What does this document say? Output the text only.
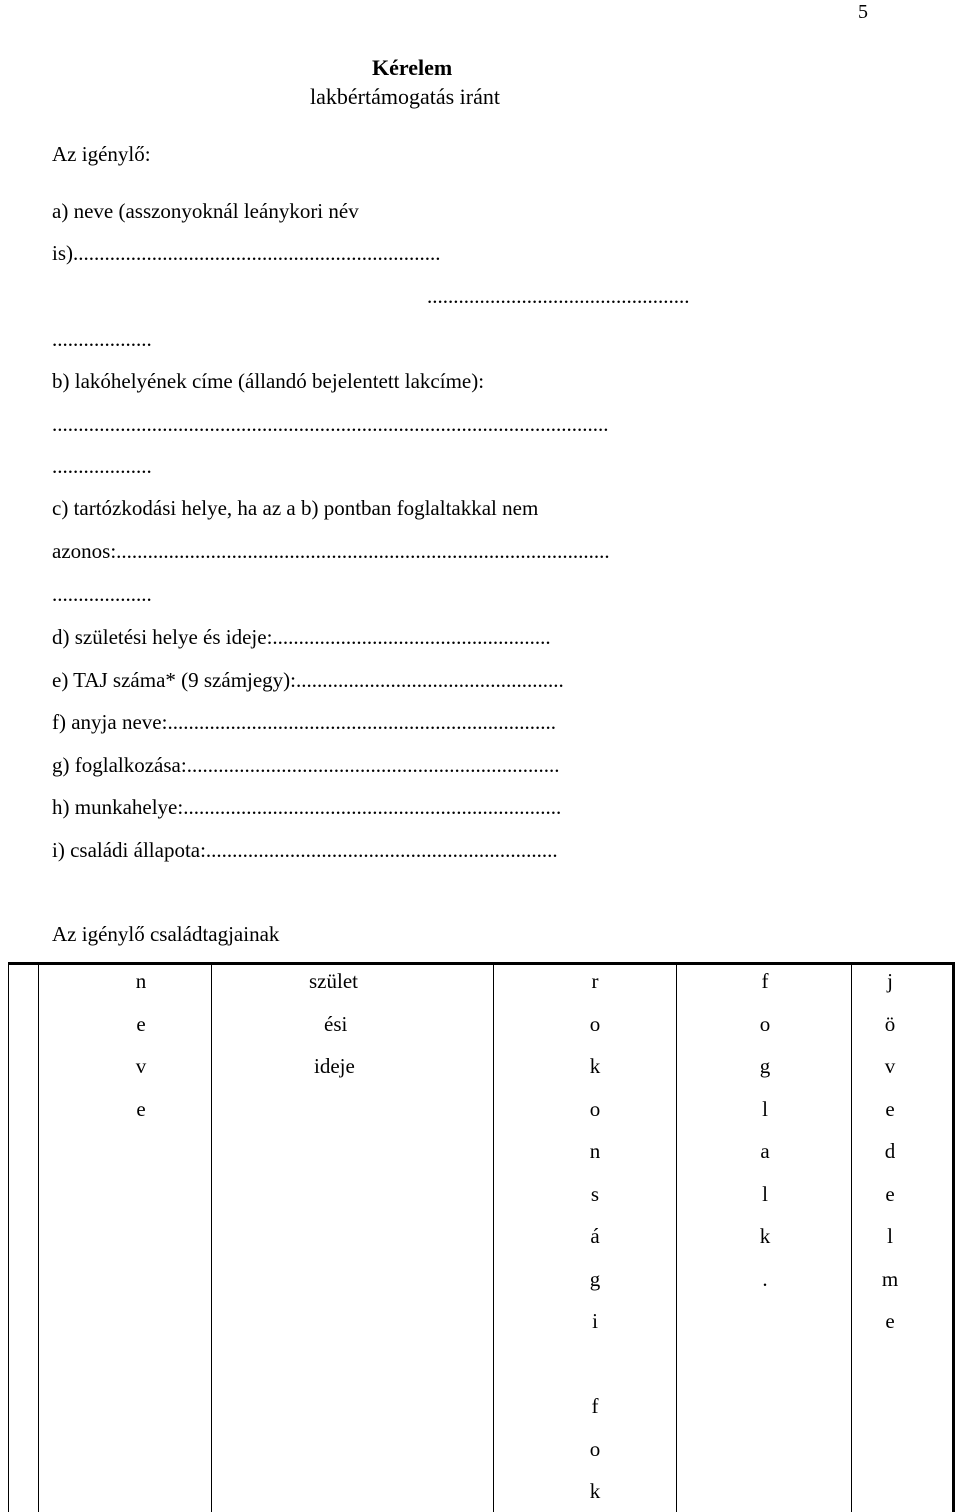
5
Kérelem
lakbértámogatás iránt
Az igénylő:
a) neve (asszonyoknál leánykori név
is)......................................................................
..................................................
...................
b) lakóhelyének címe (állandó bejelentett lakcíme):
..........................................................................................................
...................
c) tartózkodási helye, ha az a b) pontban foglaltakkal nem
azonos:..............................................................................................
...................
d) születési helye és ideje:.....................................................
e) TAJ száma* (9 számjegy):...................................................
f) anyja neve:..........................................................................
g) foglalkozása:.......................................................................
h) munkahelye:........................................................................
i) családi állapota:...................................................................
Az igénylő családtagjainak
n
e
v
e
szület
ési
ideje
r
o
k
o
n
s
á
g
i
f
o
k
f
o
g
l
a
l
k
.
j
ö
v
e
d
e
l
m
e
